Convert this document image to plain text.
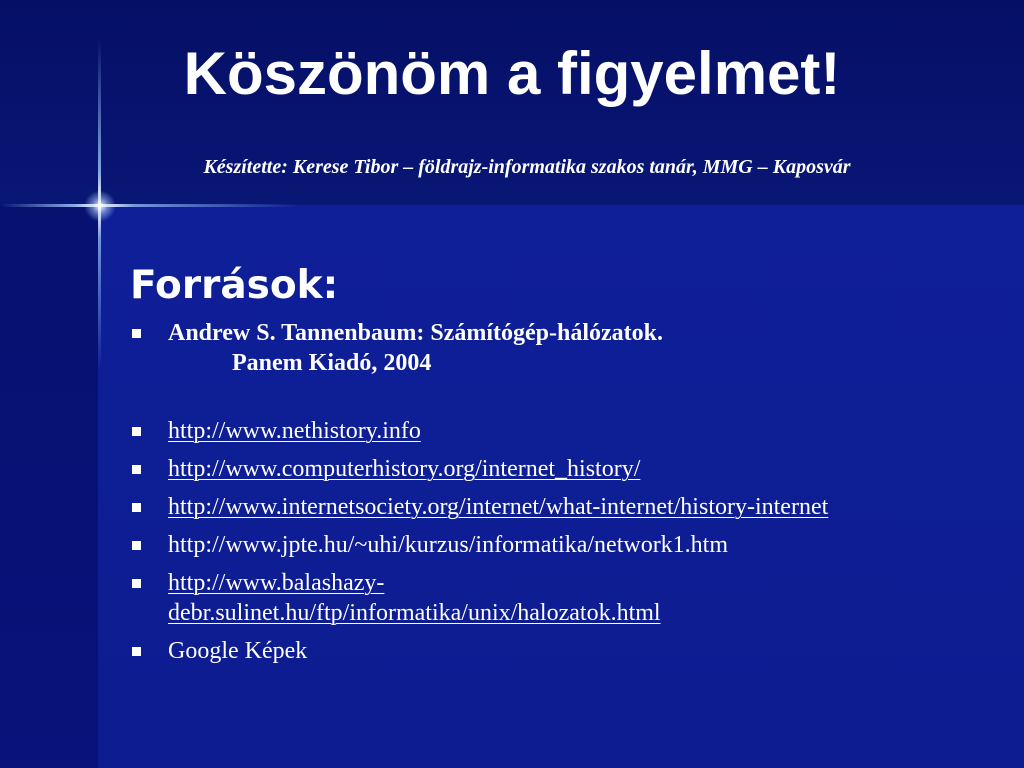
Köszönöm a figyelmet!

Készítette: Kerese Tibor – földrajz-informatika szakos tanár, MMG – Kaposvár

Források:
Andrew S. Tannenbaum: Számítógép-hálózatok.
Panem Kiadó, 2004
http://www.nethistory.info
http://www.computerhistory.org/internet_history/
http://www.internetsociety.org/internet/what-internet/history-internet
http://www.jpte.hu/~uhi/kurzus/informatika/network1.htm
http://www.balashazy-
debr.sulinet.hu/ftp/informatika/unix/halozatok.html
Google Képek
